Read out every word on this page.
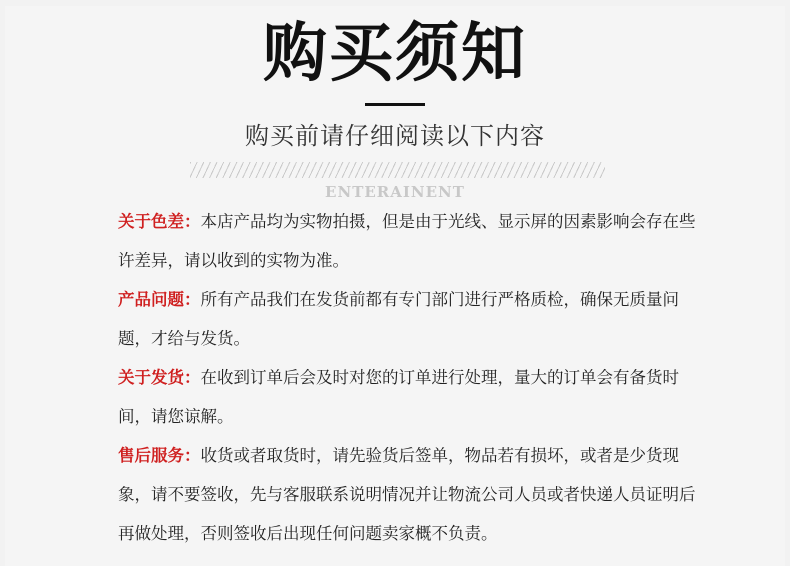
购买须知
购买前请仔细阅读以下内容
ENTERAINENT

关于色差：本店产品均为实物拍摄，但是由于光线、显示屏的因素影响会存在些许差异，请以收到的实物为准。

产品问题：所有产品我们在发货前都有专门部门进行严格质检，确保无质量问题，才给与发货。

关于发货：在收到订单后会及时对您的订单进行处理，量大的订单会有备货时间，请您谅解。

售后服务：收货或者取货时，请先验货后签单，物品若有损坏，或者是少货现象，请不要签收，先与客服联系说明情况并让物流公司人员或者快递人员证明后再做处理，否则签收后出现任何问题卖家概不负责。
